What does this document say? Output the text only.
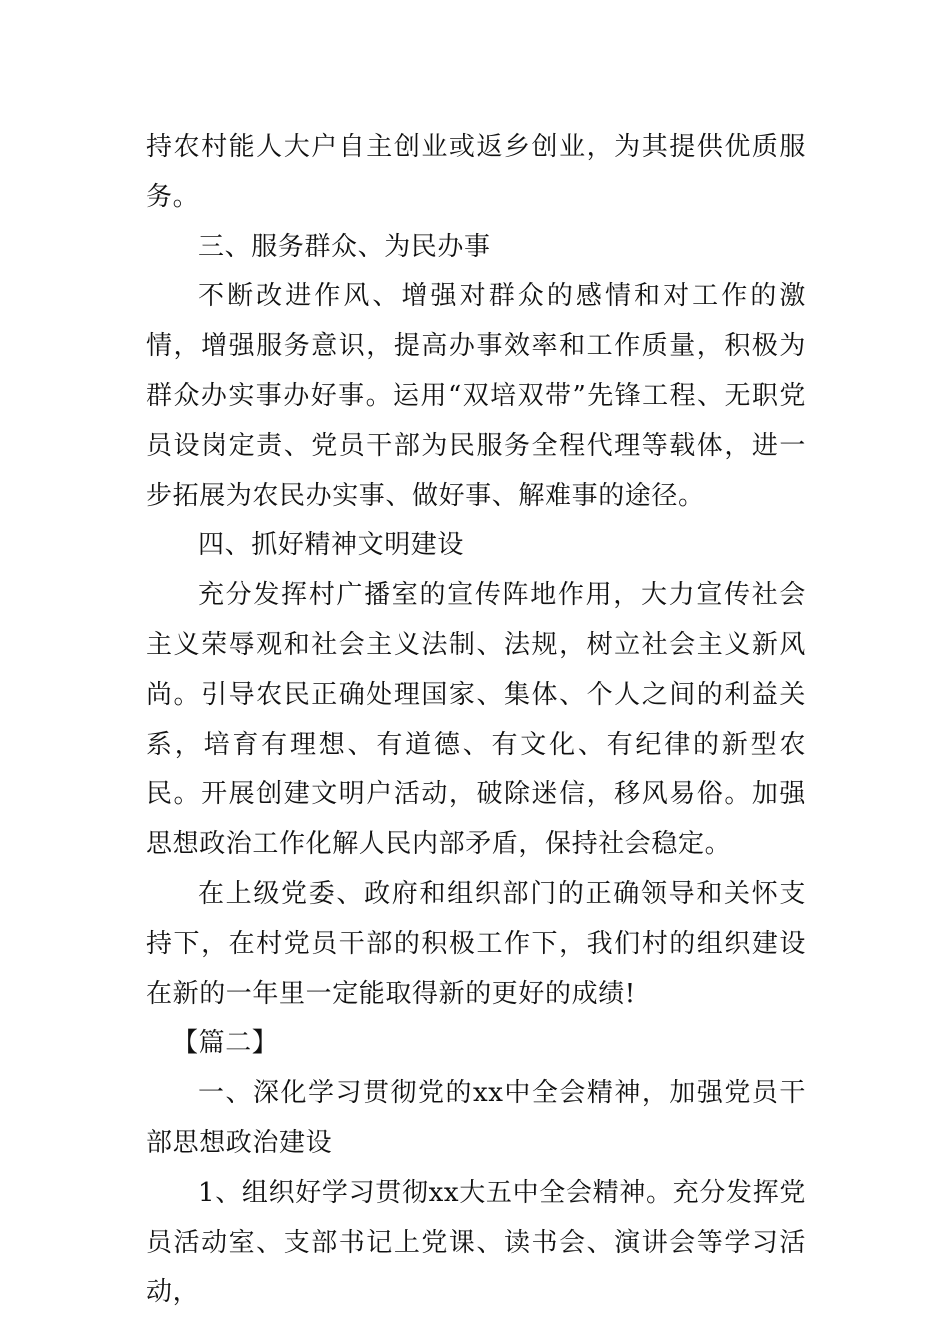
持农村能人大户自主创业或返乡创业，为其提供优质服务。

三、服务群众、为民办事

不断改进作风、增强对群众的感情和对工作的激情，增强服务意识，提高办事效率和工作质量，积极为群众办实事办好事。运用“双培双带”先锋工程、无职党员设岗定责、党员干部为民服务全程代理等载体，进一步拓展为农民办实事、做好事、解难事的途径。

四、抓好精神文明建设

充分发挥村广播室的宣传阵地作用，大力宣传社会主义荣辱观和社会主义法制、法规，树立社会主义新风尚。引导农民正确处理国家、集体、个人之间的利益关系，培育有理想、有道德、有文化、有纪律的新型农民。开展创建文明户活动，破除迷信，移风易俗。加强思想政治工作化解人民内部矛盾，保持社会稳定。

在上级党委、政府和组织部门的正确领导和关怀支持下，在村党员干部的积极工作下，我们村的组织建设在新的一年里一定能取得新的更好的成绩!

【篇二】

一、深化学习贯彻党的xx中全会精神，加强党员干部思想政治建设

1、组织好学习贯彻xx大五中全会精神。充分发挥党员活动室、支部书记上党课、读书会、演讲会等学习活动，
